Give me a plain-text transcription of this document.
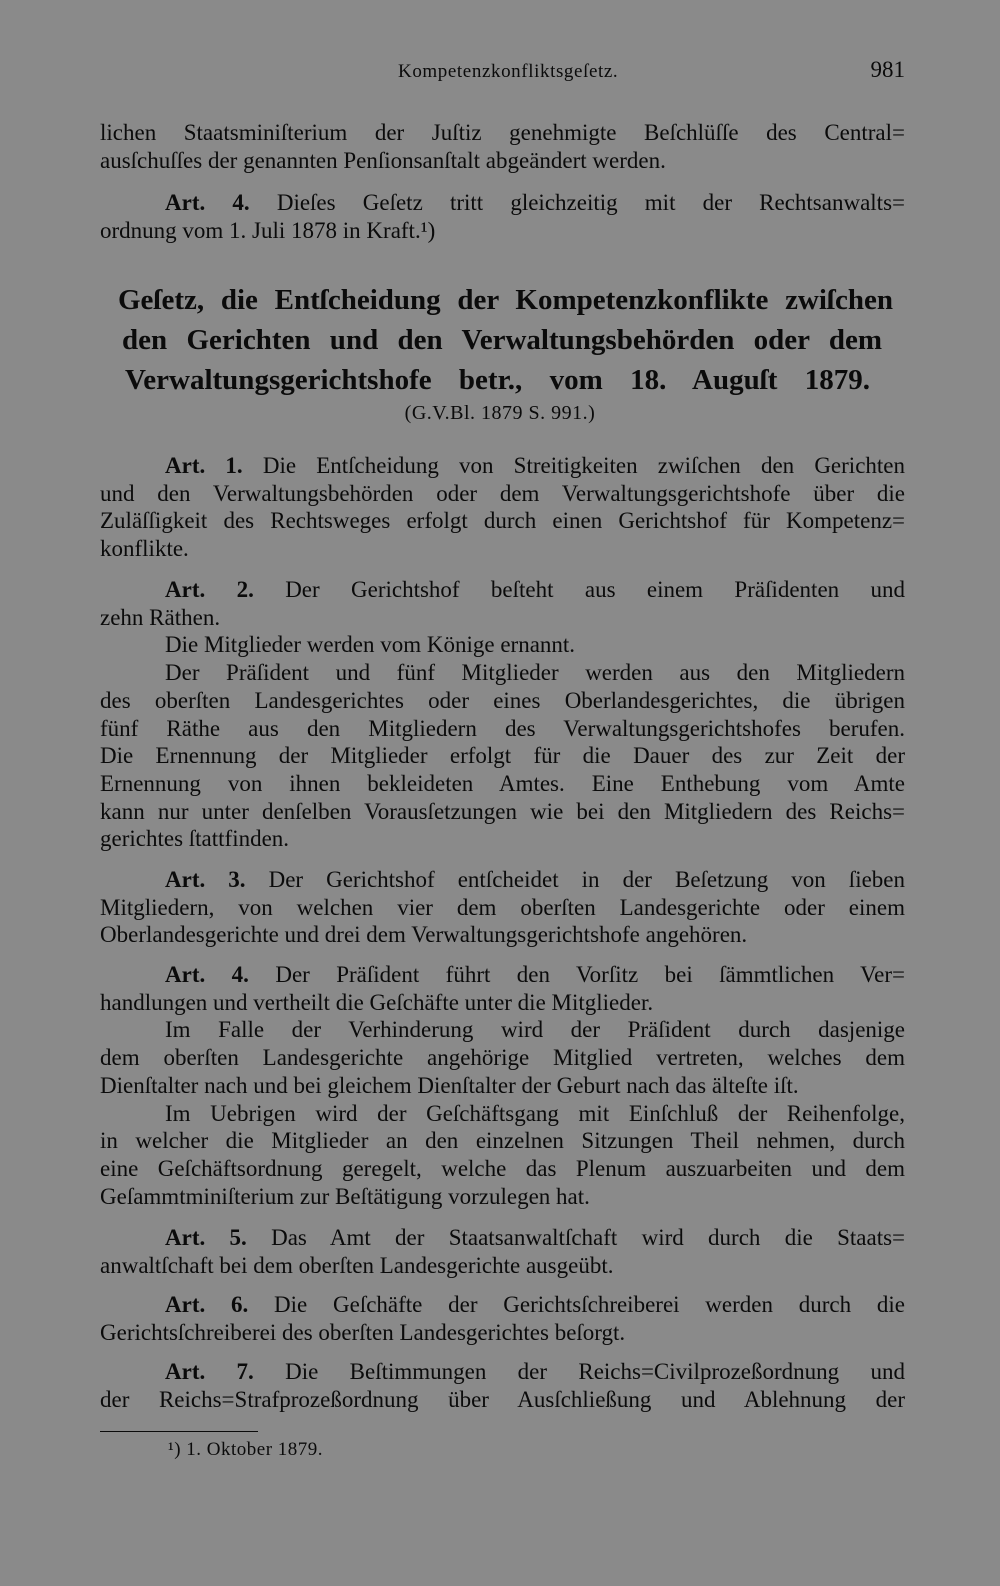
Kompetenzkonfliktsgeſetz.	981
lichen Staatsminiſterium der Juſtiz genehmigte Beſchlüſſe des Central=
ausſchuſſes der genannten Penſionsanſtalt abgeändert werden.
Art. 4. Dieſes Geſetz tritt gleichzeitig mit der Rechtsanwalts=
ordnung vom 1. Juli 1878 in Kraft.¹)
Geſetz, die Entſcheidung der Kompetenzkonflikte zwiſchen
den Gerichten und den Verwaltungsbehörden oder dem
Verwaltungsgerichtshofe betr., vom 18. Auguſt 1879.
(G.V.Bl. 1879 S. 991.)
Art. 1. Die Entſcheidung von Streitigkeiten zwiſchen den Gerichten
und den Verwaltungsbehörden oder dem Verwaltungsgerichtshofe über die
Zuläſſigkeit des Rechtsweges erfolgt durch einen Gerichtshof für Kompetenz=
konflikte.
Art. 2. Der Gerichtshof beſteht aus einem Präſidenten und
zehn Räthen.
Die Mitglieder werden vom Könige ernannt.
Der Präſident und fünf Mitglieder werden aus den Mitgliedern
des oberſten Landesgerichtes oder eines Oberlandesgerichtes, die übrigen
fünf Räthe aus den Mitgliedern des Verwaltungsgerichtshofes berufen.
Die Ernennung der Mitglieder erfolgt für die Dauer des zur Zeit der
Ernennung von ihnen bekleideten Amtes. Eine Enthebung vom Amte
kann nur unter denſelben Vorausſetzungen wie bei den Mitgliedern des Reichs=
gerichtes ſtattfinden.
Art. 3. Der Gerichtshof entſcheidet in der Beſetzung von ſieben
Mitgliedern, von welchen vier dem oberſten Landesgerichte oder einem
Oberlandesgerichte und drei dem Verwaltungsgerichtshofe angehören.
Art. 4. Der Präſident führt den Vorſitz bei ſämmtlichen Ver=
handlungen und vertheilt die Geſchäfte unter die Mitglieder.
Im Falle der Verhinderung wird der Präſident durch dasjenige
dem oberſten Landesgerichte angehörige Mitglied vertreten, welches dem
Dienſtalter nach und bei gleichem Dienſtalter der Geburt nach das älteſte iſt.
Im Uebrigen wird der Geſchäftsgang mit Einſchluß der Reihenfolge,
in welcher die Mitglieder an den einzelnen Sitzungen Theil nehmen, durch
eine Geſchäftsordnung geregelt, welche das Plenum auszuarbeiten und dem
Geſammtminiſterium zur Beſtätigung vorzulegen hat.
Art. 5. Das Amt der Staatsanwaltſchaft wird durch die Staats=
anwaltſchaft bei dem oberſten Landesgerichte ausgeübt.
Art. 6. Die Geſchäfte der Gerichtsſchreiberei werden durch die
Gerichtsſchreiberei des oberſten Landesgerichtes beſorgt.
Art. 7. Die Beſtimmungen der Reichs=Civilprozeßordnung und
der Reichs=Strafprozeßordnung über Ausſchließung und Ablehnung der
¹) 1. Oktober 1879.
